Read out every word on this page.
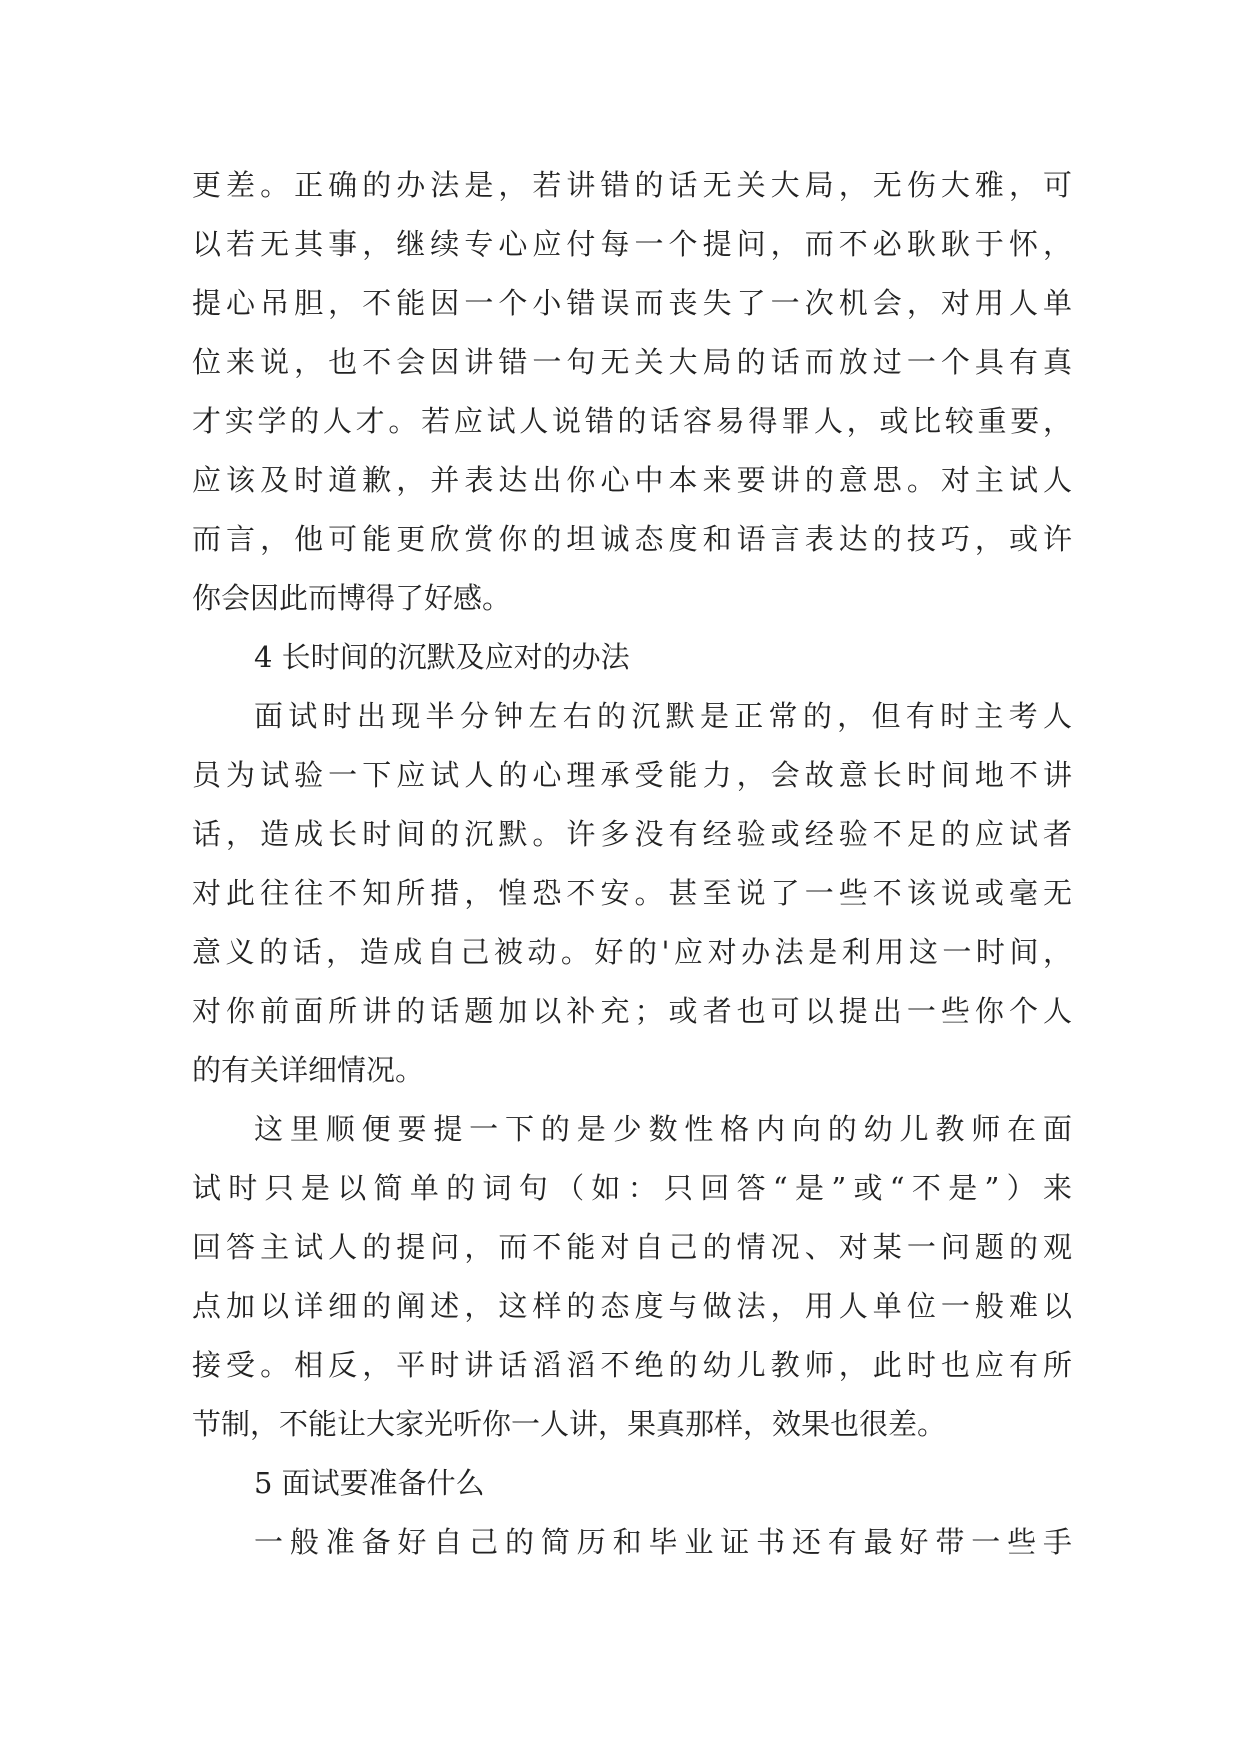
更差。正确的办法是，若讲错的话无关大局，无伤大雅，可
以若无其事，继续专心应付每一个提问，而不必耿耿于怀，
提心吊胆，不能因一个小错误而丧失了一次机会，对用人单
位来说，也不会因讲错一句无关大局的话而放过一个具有真
才实学的人才。若应试人说错的话容易得罪人，或比较重要，
应该及时道歉，并表达出你心中本来要讲的意思。对主试人
而言，他可能更欣赏你的坦诚态度和语言表达的技巧，或许
你会因此而博得了好感。
4 长时间的沉默及应对的办法
面试时出现半分钟左右的沉默是正常的，但有时主考人
员为试验一下应试人的心理承受能力，会故意长时间地不讲
话，造成长时间的沉默。许多没有经验或经验不足的应试者
对此往往不知所措，惶恐不安。甚至说了一些不该说或毫无
意义的话，造成自己被动。好的'应对办法是利用这一时间，
对你前面所讲的话题加以补充；或者也可以提出一些你个人
的有关详细情况。
这里顺便要提一下的是少数性格内向的幼儿教师在面
试时只是以简单的词句（如：只回答“是”或“不是”）来
回答主试人的提问，而不能对自己的情况、对某一问题的观
点加以详细的阐述，这样的态度与做法，用人单位一般难以
接受。相反，平时讲话滔滔不绝的幼儿教师，此时也应有所
节制，不能让大家光听你一人讲，果真那样，效果也很差。
5 面试要准备什么
一般准备好自己的简历和毕业证书还有最好带一些手
